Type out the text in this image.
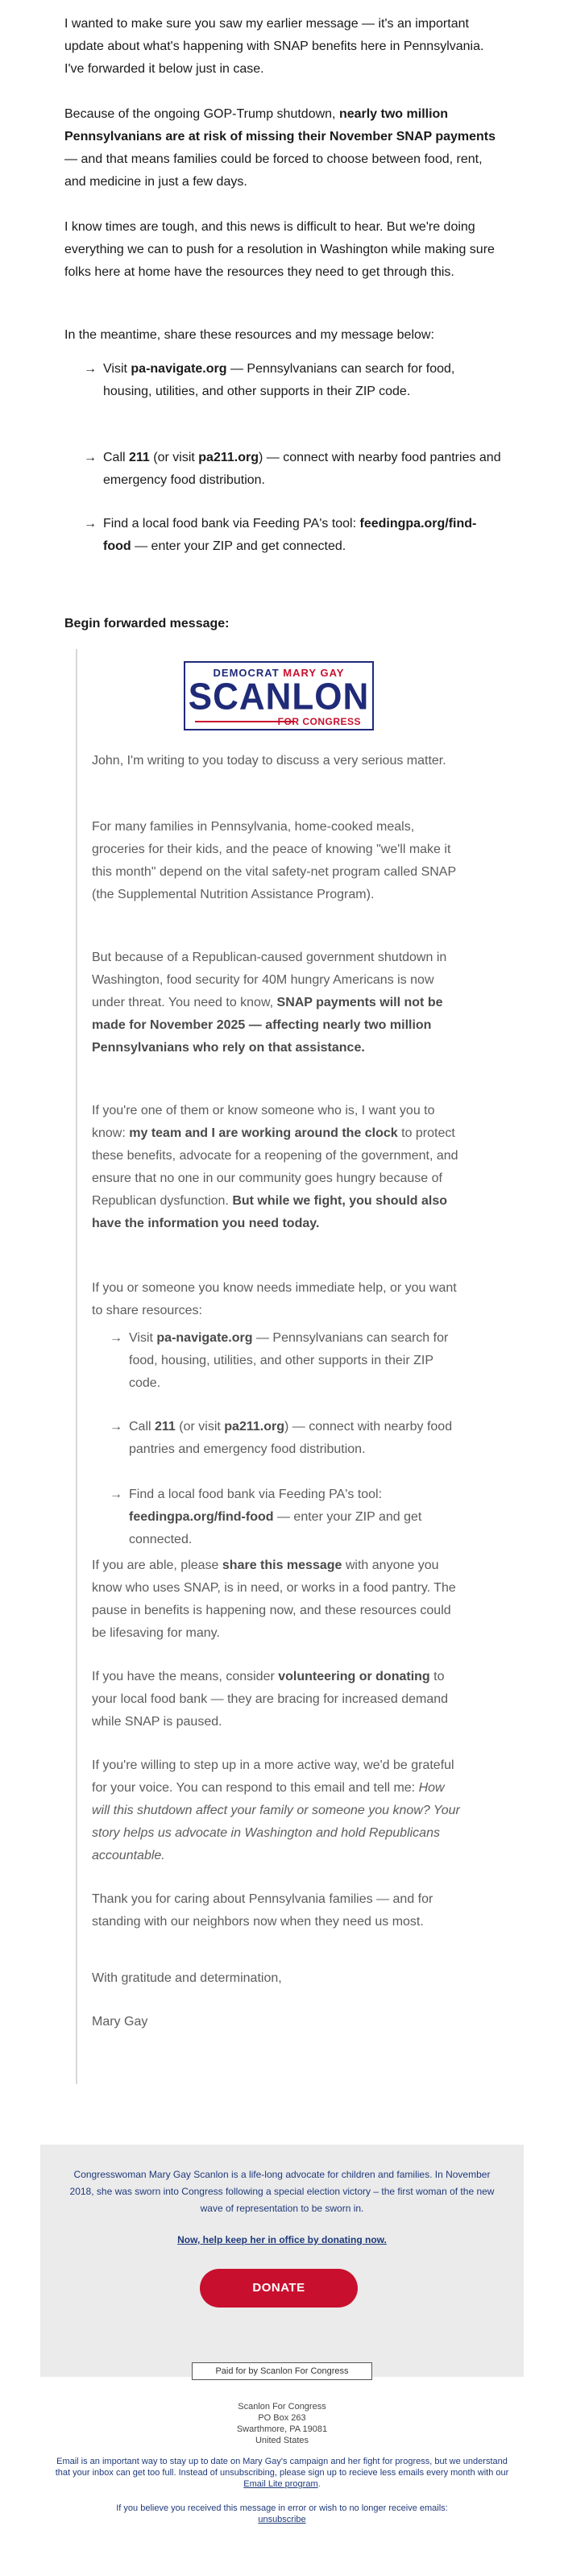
I wanted to make sure you saw my earlier message — it's an important update about what's happening with SNAP benefits here in Pennsylvania. I've forwarded it below just in case.

Because of the ongoing GOP-Trump shutdown, nearly two million Pennsylvanians are at risk of missing their November SNAP payments — and that means families could be forced to choose between food, rent, and medicine in just a few days.

I know times are tough, and this news is difficult to hear. But we're doing everything we can to push for a resolution in Washington while making sure folks here at home have the resources they need to get through this.

In the meantime, share these resources and my message below:

→ Visit pa-navigate.org — Pennsylvanians can search for food, housing, utilities, and other supports in their ZIP code.
→ Call 211 (or visit pa211.org) — connect with nearby food pantries and emergency food distribution.
→ Find a local food bank via Feeding PA's tool: feedingpa.org/find-food — enter your ZIP and get connected.
Begin forwarded message:
DEMOCRAT MARY GAY
SCANLON
FOR CONGRESS

John, I'm writing to you today to discuss a very serious matter.

For many families in Pennsylvania, home-cooked meals, groceries for their kids, and the peace of knowing "we'll make it this month" depend on the vital safety-net program called SNAP (the Supplemental Nutrition Assistance Program).

But because of a Republican-caused government shutdown in Washington, food security for 40M hungry Americans is now under threat. You need to know, SNAP payments will not be made for November 2025 — affecting nearly two million Pennsylvanians who rely on that assistance.

If you're one of them or know someone who is, I want you to know: my team and I are working around the clock to protect these benefits, advocate for a reopening of the government, and ensure that no one in our community goes hungry because of Republican dysfunction. But while we fight, you should also have the information you need today.

If you or someone you know needs immediate help, or you want to share resources:

→ Visit pa-navigate.org — Pennsylvanians can search for food, housing, utilities, and other supports in their ZIP code.
→ Call 211 (or visit pa211.org) — connect with nearby food pantries and emergency food distribution.
→ Find a local food bank via Feeding PA's tool: feedingpa.org/find-food — enter your ZIP and get connected.

If you are able, please share this message with anyone you know who uses SNAP, is in need, or works in a food pantry. The pause in benefits is happening now, and these resources could be lifesaving for many.

If you have the means, consider volunteering or donating to your local food bank — they are bracing for increased demand while SNAP is paused.

If you're willing to step up in a more active way, we'd be grateful for your voice. You can respond to this email and tell me: How will this shutdown affect your family or someone you know? Your story helps us advocate in Washington and hold Republicans accountable.

Thank you for caring about Pennsylvania families — and for standing with our neighbors now when they need us most.

With gratitude and determination,

Mary Gay

Congresswoman Mary Gay Scanlon is a life-long advocate for children and families. In November 2018, she was sworn into Congress following a special election victory – the first woman of the new wave of representation to be sworn in.
Now, help keep her in office by donating now.
DONATE
Paid for by Scanlon For Congress
Scanlon For Congress
PO Box 263
Swarthmore, PA 19081
United States
Email is an important way to stay up to date on Mary Gay's campaign and her fight for progress, but we understand that your inbox can get too full. Instead of unsubscribing, please sign up to recieve less emails every month with our Email Lite program.
If you believe you received this message in error or wish to no longer receive emails:
unsubscribe
